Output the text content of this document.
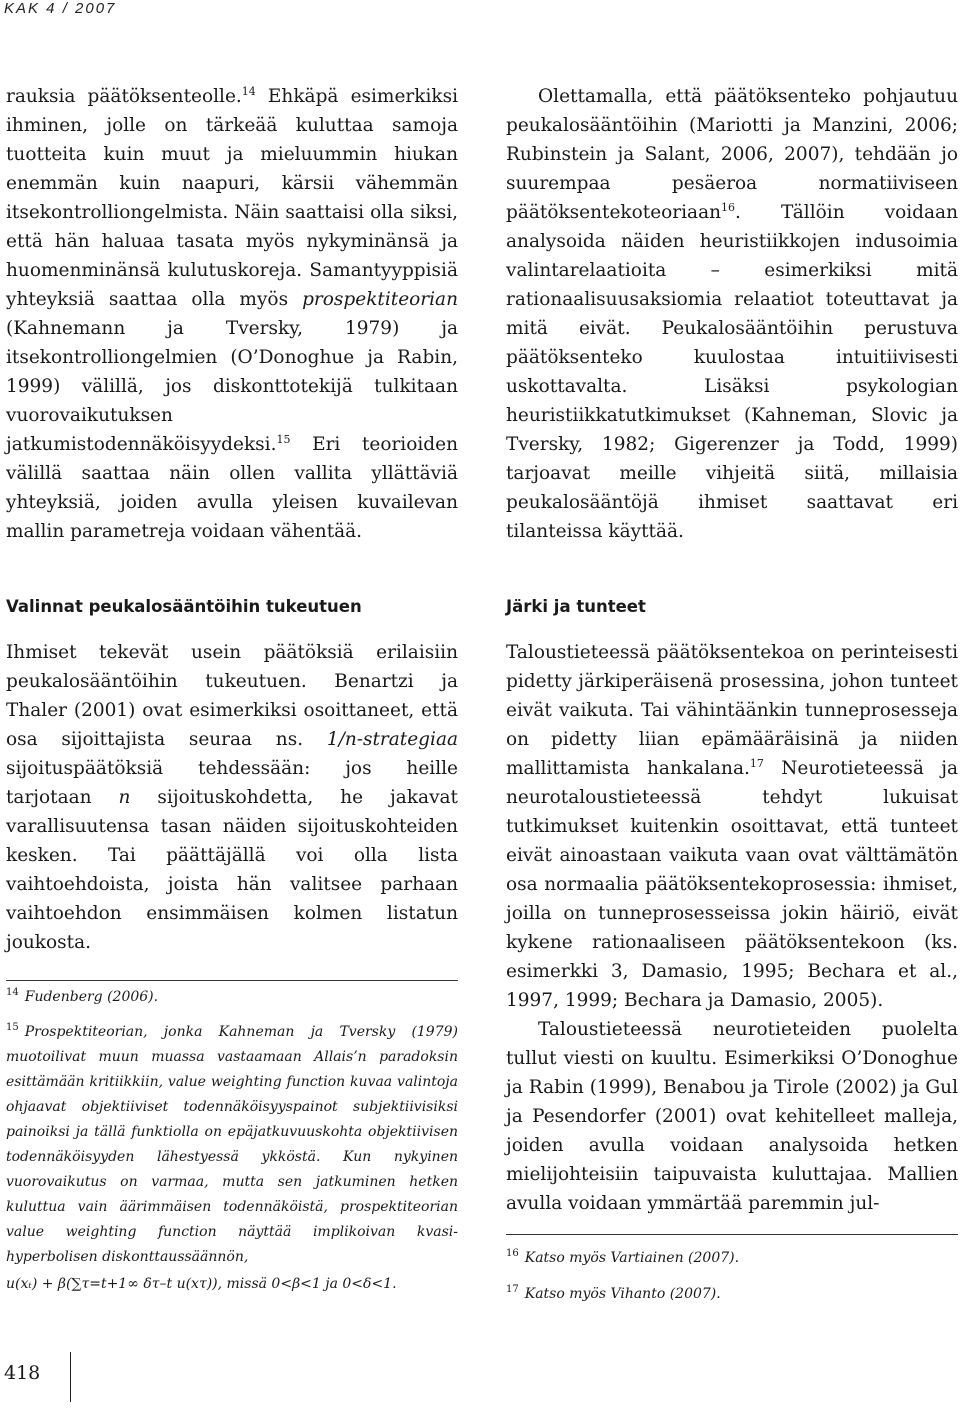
KAK 4 / 2007

rauksia päätöksenteolle.$^{14}$ Ehkäpä esimerkiksi ihminen, jolle on tärkeää kuluttaa samoja tuotteita kuin muut ja mieluummin hiukan enemmän kuin naapuri, kärsii vähemmän itsekontrolliongelmista. Näin saattaisi olla siksi, että hän haluaa tasata myös nykyminänsä ja huomenminänsä kulutuskoreja. Samantyyppisiä yhteyksiä saattaa olla myös prospektiteorian (Kahnemann ja Tversky, 1979) ja itsekontrolliongelmien (O’Donoghue ja Rabin, 1999) välillä, jos diskonttotekijä tulkitaan vuorovaikutuksen jatkumistodennäköisyydeksi.$^{15}$ Eri teorioiden välillä saattaa näin ollen vallita yllättäviä yhteyksiä, joiden avulla yleisen kuvailevan mallin parametreja voidaan vähentää.

Valinnat peukalosääntöihin tukeutuen

Ihmiset tekevät usein päätöksiä erilaisiin peukalosääntöihin tukeutuen. Benartzi ja Thaler (2001) ovat esimerkiksi osoittaneet, että osa sijoittajista seuraa ns. 1/n-strategiaa sijoituspäätöksiä tehdessään: jos heille tarjotaan n sijoituskohdetta, he jakavat varallisuutensa tasan näiden sijoituskohteiden kesken. Tai päättäjällä voi olla lista vaihtoehdoista, joista hän valitsee parhaan vaihtoehdon ensimmäisen kolmen listatun joukosta.

$^{14}$ Fudenberg (2006).
$^{15}$ Prospektiteorian, jonka Kahneman ja Tversky (1979) muotoilivat muun muassa vastaamaan Allais’n paradoksin esittämään kritiikkiin, value weighting function kuvaa valintoja ohjaavat objektiiviset todennäköisyyspainot subjektiivisiksi painoiksi ja tällä funktiolla on epäjatkuvuuskohta objektiivisen todennäköisyyden lähestyessä ykköstä. Kun nykyinen vuorovaikutus on varmaa, mutta sen jatkuminen hetken kuluttua vain äärimmäisen todennäköistä, prospektiteorian value weighting function näyttää implikoivan kvasi-hyperbolisen diskonttaussäännön,
u(xₜ) + β(∑τ=t+1∞ δτ–t u(xτ)), missä 0<β<1 ja 0<δ<1.

Olettamalla, että päätöksenteko pohjautuu peukalosääntöihin (Mariotti ja Manzini, 2006; Rubinstein ja Salant, 2006, 2007), tehdään jo suurempaa pesäeroa normatiiviseen päätöksentekoteoriaan$^{16}$. Tällöin voidaan analysoida näiden heuristiikkojen indusoimia valintarelaatioita – esimerkiksi mitä rationaalisuusaksiomia relaatiot toteuttavat ja mitä eivät. Peukalosääntöihin perustuva päätöksenteko kuulostaa intuitiivisesti uskottavalta. Lisäksi psykologian heuristiikkatutkimukset (Kahneman, Slovic ja Tversky, 1982; Gigerenzer ja Todd, 1999) tarjoavat meille vihjeitä siitä, millaisia peukalosääntöjä ihmiset saattavat eri tilanteissa käyttää.

Järki ja tunteet

Taloustieteessä päätöksentekoa on perinteisesti pidetty järkiperäisenä prosessina, johon tunteet eivät vaikuta. Tai vähintäänkin tunneprosesseja on pidetty liian epämääräisinä ja niiden mallittamista hankalana.$^{17}$ Neurotieteessä ja neurotaloustieteessä tehdyt lukuisat tutkimukset kuitenkin osoittavat, että tunteet eivät ainoastaan vaikuta vaan ovat välttämätön osa normaalia päätöksentekoprosessia: ihmiset, joilla on tunneprosesseissa jokin häiriö, eivät kykene rationaaliseen päätöksentekoon (ks. esimerkki 3, Damasio, 1995; Bechara et al., 1997, 1999; Bechara ja Damasio, 2005).

Taloustieteessä neurotieteiden puolelta tullut viesti on kuultu. Esimerkiksi O’Donoghue ja Rabin (1999), Benabou ja Tirole (2002) ja Gul ja Pesendorfer (2001) ovat kehitelleet malleja, joiden avulla voidaan analysoida hetken mielijohteisiin taipuvaista kuluttajaa. Mallien avulla voidaan ymmärtää paremmin jul-

$^{16}$ Katso myös Vartiainen (2007).
$^{17}$ Katso myös Vihanto (2007).
418
